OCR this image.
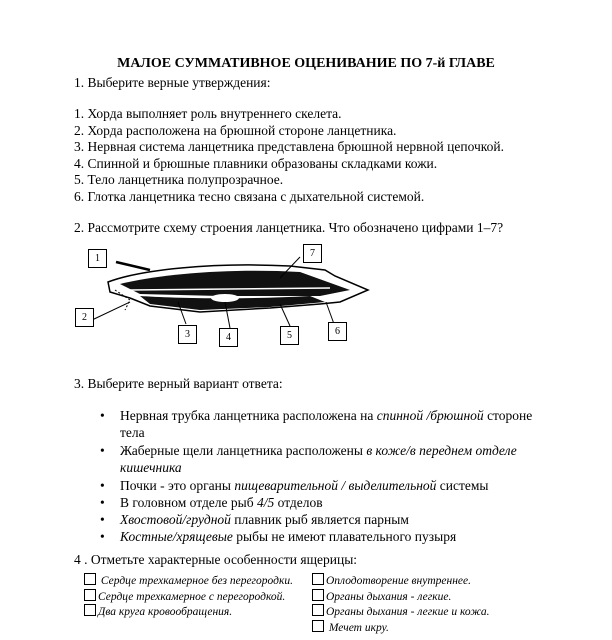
МАЛОЕ СУММАТИВНОЕ ОЦЕНИВАНИЕ ПО 7-й ГЛАВЕ
1. Выберите верные утверждения:
1. Хорда выполняет роль внутреннего скелета.
2. Хорда расположена на брюшной стороне ланцетника.
3. Нервная система ланцетника представлена брюшной нервной цепочкой.
4. Спинной и брюшные плавники образованы складками кожи.
5. Тело ланцетника полупрозрачное.
6. Глотка ланцетника тесно связана с дыхательной системой.
2. Рассмотрите схему строения ланцетника. Что обозначено цифрами 1–7?
1
2
3	4	5	6
7
3. Выберите верный вариант ответа:
• Нервная трубка ланцетника расположена на спинной /брюшной стороне тела
• Жаберные щели ланцетника расположены в коже/в переднем отделе кишечника
• Почки - это органы пищеварительной / выделительной системы
• В головном отделе рыб 4/5 отделов
• Хвостовой/грудной плавник рыб является парным
• Костные/хрящевые рыбы не имеют плавательного пузыря
4 . Отметьте характерные особенности ящерицы:
Сердце трехкамерное без перегородки.
Сердце трехкамерное с перегородкой.
Два круга кровообращения.
Оплодотворение внутреннее.
Органы дыхания - легкие.
Органы дыхания - легкие и кожа.
Мечет икру.
